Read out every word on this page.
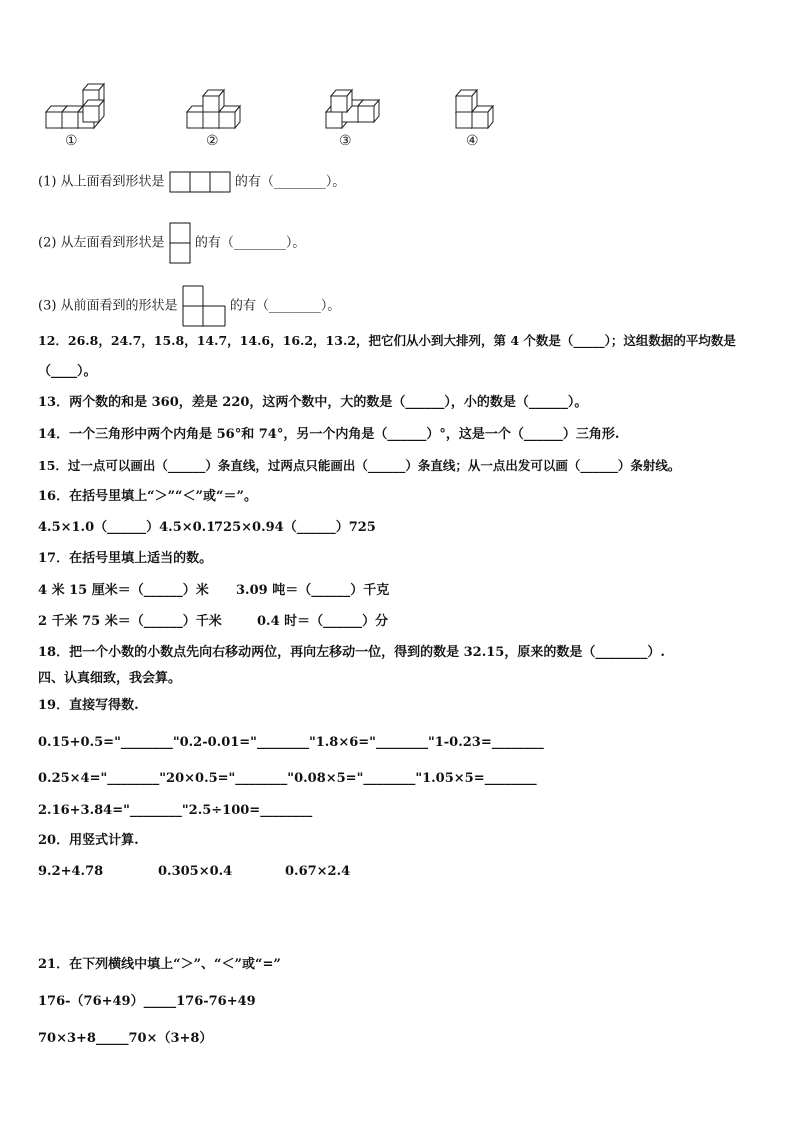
①	②	③	④
(1) 从上面看到形状是	的有（________）。
(2) 从左面看到形状是 的有（________）。
(3) 从前面看到的形状是	的有（________）。
12．26.8，24.7，15.8，14.7，14.6，16.2，13.2，把它们从小到大排列，第 4 个数是（_____）；这组数据的平均数是
（____）。
13．两个数的和是 360，差是 220，这两个数中，大的数是（______），小的数是（______）。
14．一个三角形中两个内角是 56°和 74°，另一个内角是（______）°，这是一个（______）三角形.
15．过一点可以画出（______）条直线，过两点只能画出（______）条直线；从一点出发可以画（______）条射线。
16．在括号里填上“＞”“＜”或“＝”。
4.5×1.0（______）4.5×0.1
725×0.94（______）725
17．在括号里填上适当的数。
4 米 15 厘米＝（______）米 3.09 吨＝（______）千克
2 千米 75 米＝（______）千米	0.4 时＝（______）分
18．把一个小数的小数点先向右移动两位，再向左移动一位，得到的数是 32.15，原来的数是（________）.
四、认真细致，我会算。
19．直接写得数.
0.15+0.5="________"0.2-0.01="________"1.8×6="________"1-0.23=________
0.25×4="________"20×0.5="________"0.08×5="________"1.05×5=________
2.16+3.84="________"2.5÷100=________
20．用竖式计算.
9.2+4.78	0.305×0.4	0.67×2.4
21．在下列横线中填上“＞”、“＜”或“=”
176-（76+49）_____176-76+49
70×3+8_____70×（3+8）
